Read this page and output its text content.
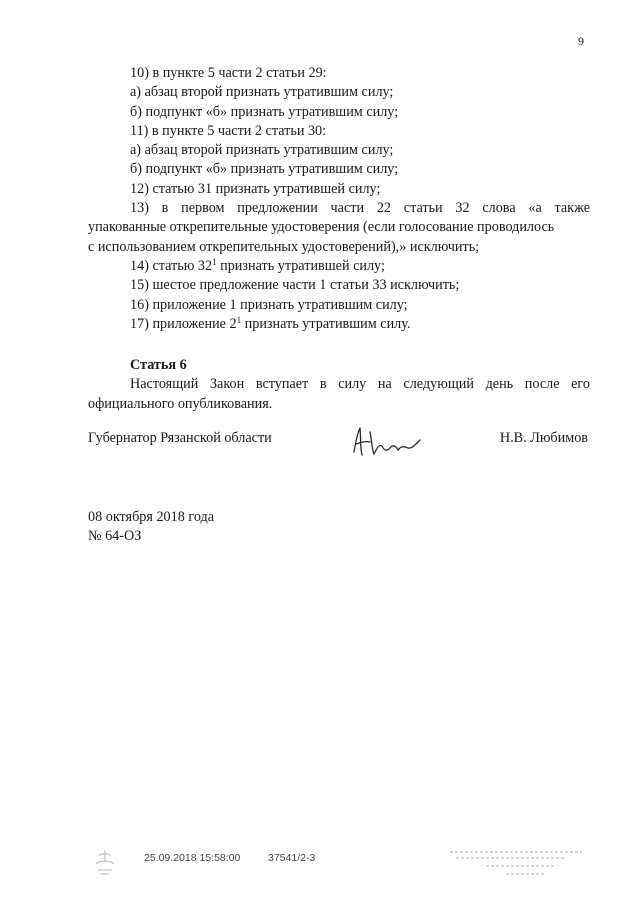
9

10) в пункте 5 части 2 статьи 29:

а) абзац второй признать утратившим силу;

б) подпункт «б» признать утратившим силу;

11) в пункте 5 части 2 статьи 30:

а) абзац второй признать утратившим силу;

б) подпункт «б» признать утратившим силу;

12) статью 31 признать утратившей силу;

13) в первом предложении части 22 статьи 32 слова «а также

упакованные открепительные удостоверения (если голосование проводилось

с использованием открепительных удостоверений),» исключить;

14) статью $32^1$ признать утратившей силу;

15) шестое предложение части 1 статьи 33 исключить;

16) приложение 1 признать утратившим силу;

17) приложение $2^1$ признать утратившим силу.

Статья 6

Настоящий Закон вступает в силу на следующий день после его

официального опубликования.

Губернатор Рязанской области	Н.В. Любимов
08 октября 2018 года
№ 64-ОЗ
25.09.2018 15:58:00	37541/2-3
